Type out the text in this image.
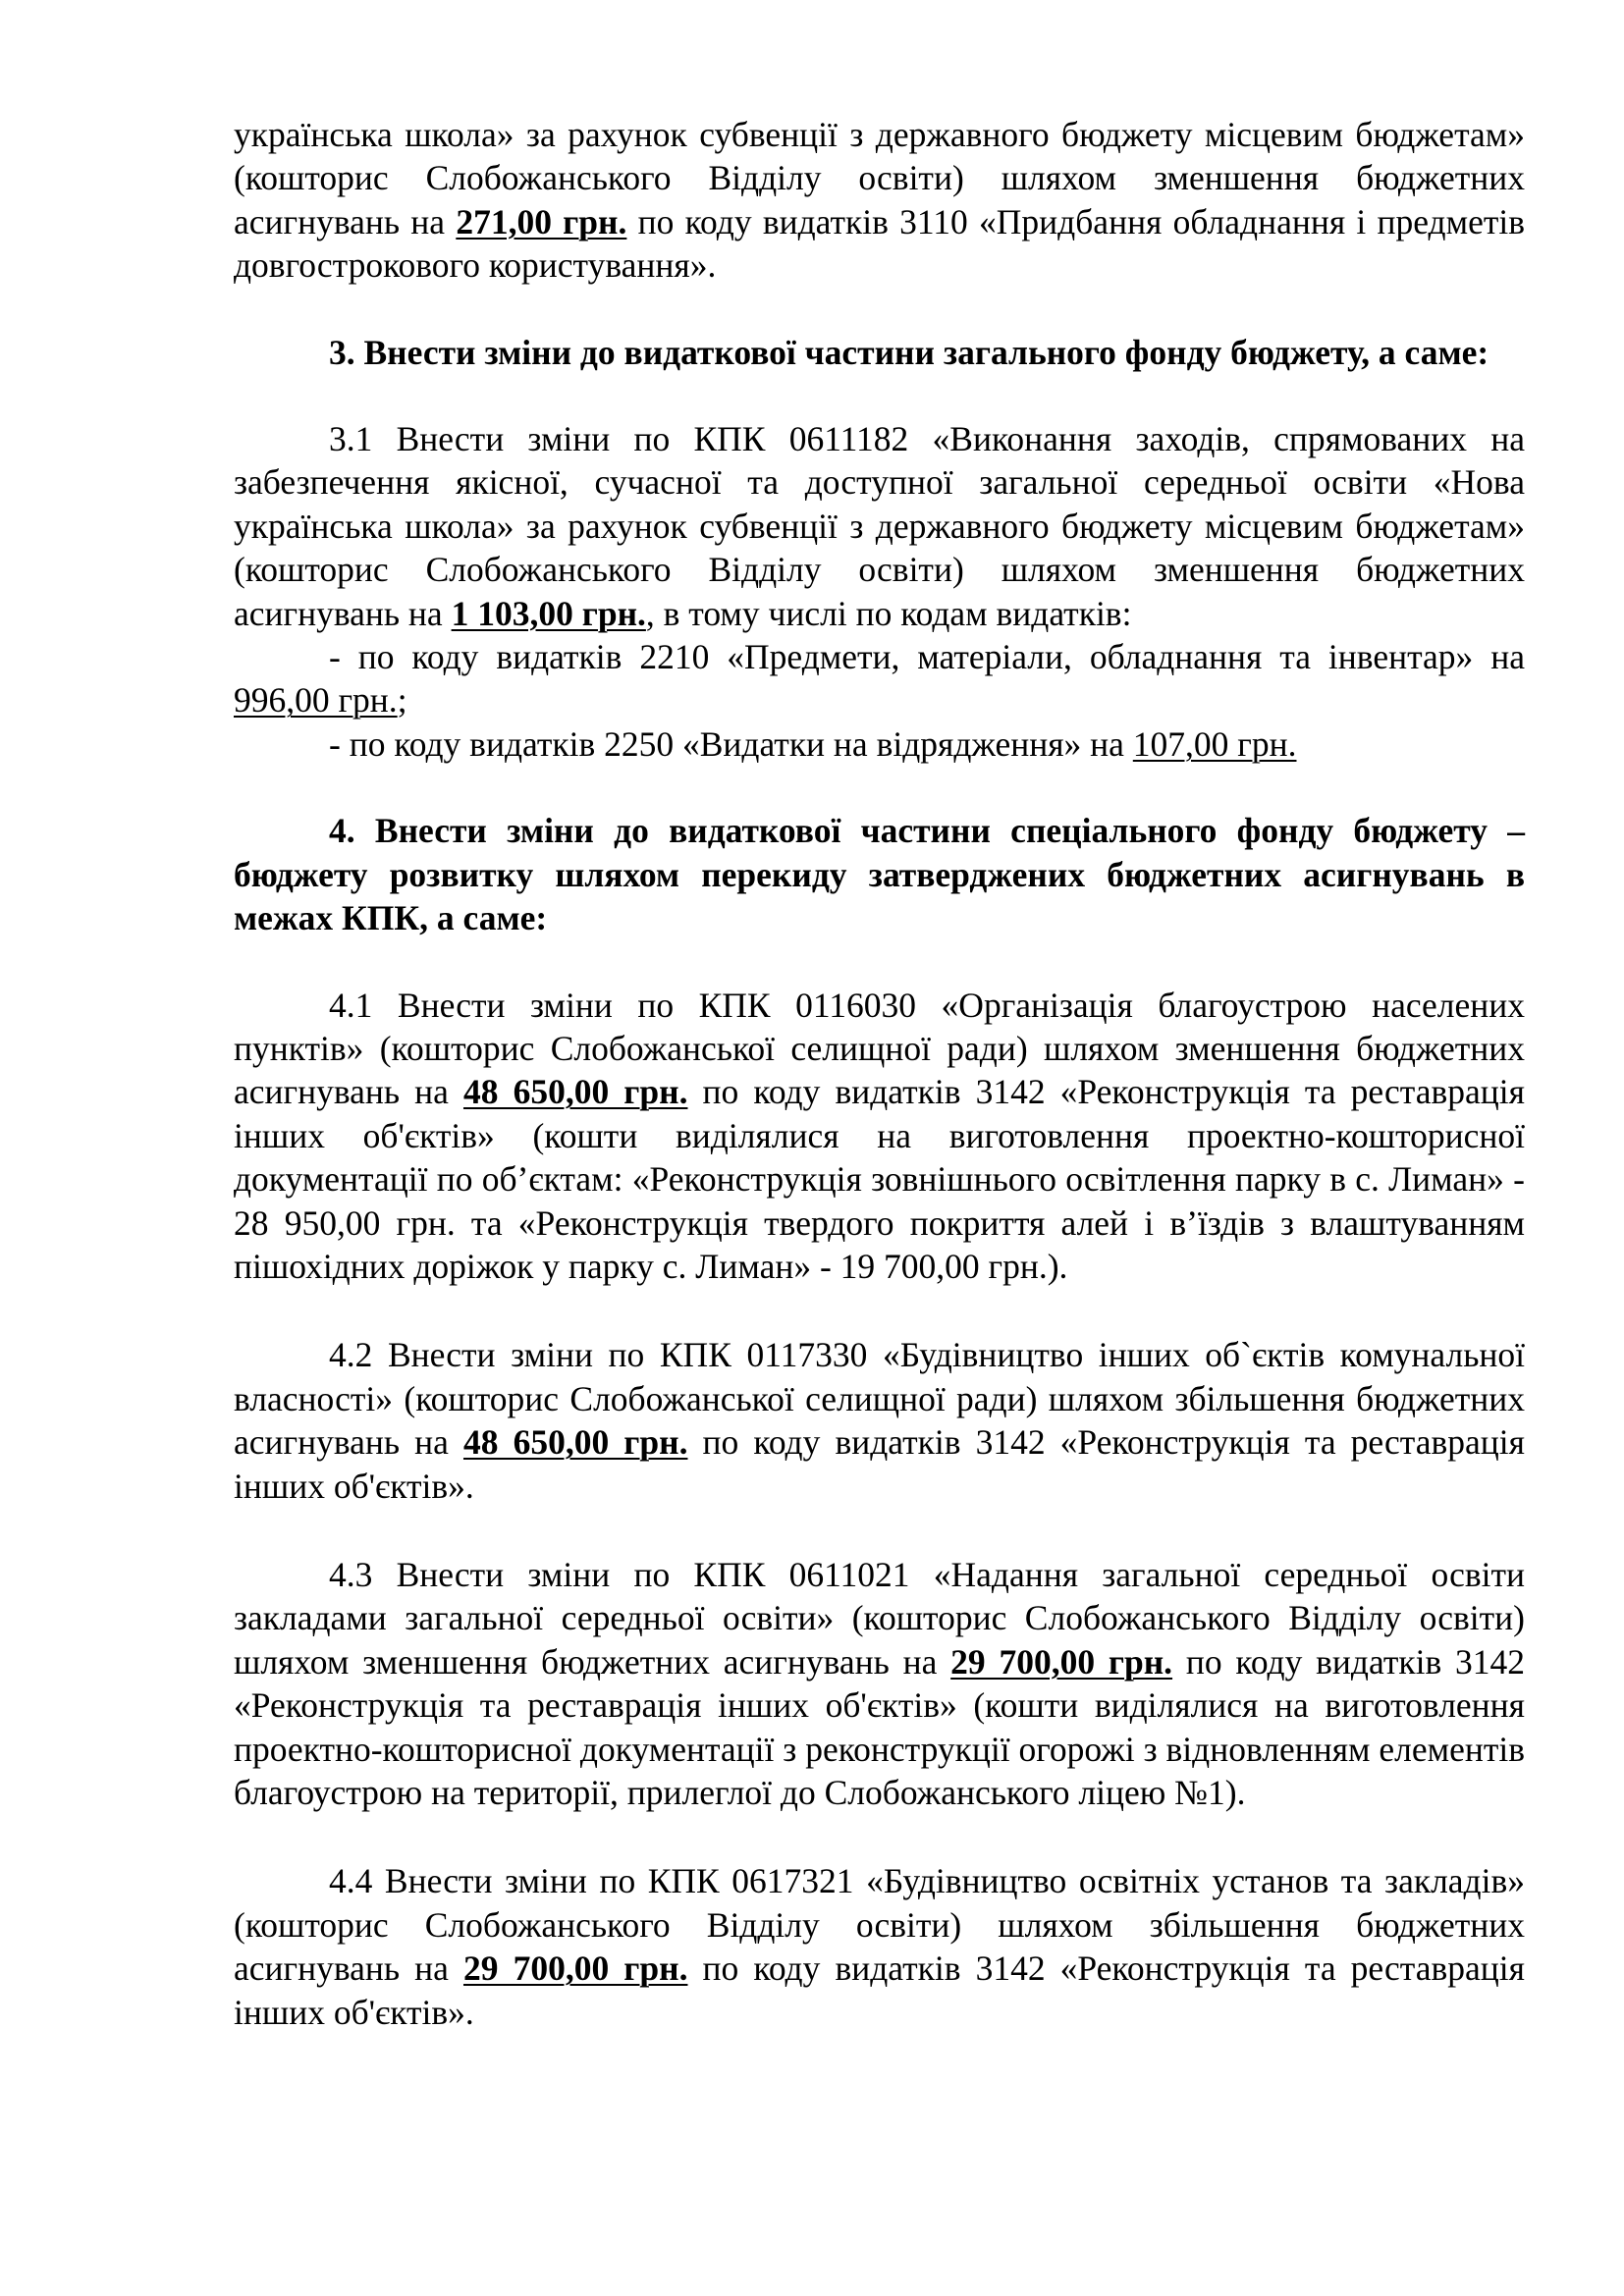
українська школа» за рахунок субвенції з державного бюджету місцевим бюджетам» (кошторис Слобожанського Відділу освіти) шляхом зменшення бюджетних асигнувань на 271,00 грн. по коду видатків 3110 «Придбання обладнання і предметів довгострокового користування».

3. Внести зміни до видаткової частини загального фонду бюджету, а саме:

3.1 Внести зміни по КПК 0611182 «Виконання заходів, спрямованих на забезпечення якісної, сучасної та доступної загальної середньої освіти «Нова українська школа» за рахунок субвенції з державного бюджету місцевим бюджетам» (кошторис Слобожанського Відділу освіти) шляхом зменшення бюджетних асигнувань на 1 103,00 грн., в тому числі по кодам видатків:

- по коду видатків 2210 «Предмети, матеріали, обладнання та інвентар» на 996,00 грн.;

- по коду видатків 2250 «Видатки на відрядження» на 107,00 грн.

4. Внести зміни до видаткової частини спеціального фонду бюджету – бюджету розвитку шляхом перекиду затверджених бюджетних асигнувань в межах КПК, а саме:

4.1 Внести зміни по КПК 0116030 «Організація благоустрою населених пунктів» (кошторис Слобожанської селищної ради) шляхом зменшення бюджетних асигнувань на 48 650,00 грн. по коду видатків 3142 «Реконструкція та реставрація інших об'єктів» (кошти виділялися на виготовлення проектно-кошторисної документації по об’єктам: «Реконструкція зовнішнього освітлення парку в с. Лиман» - 28 950,00 грн. та «Реконструкція твердого покриття алей і в’їздів з влаштуванням пішохідних доріжок у парку с. Лиман» - 19 700,00 грн.).

4.2 Внести зміни по КПК 0117330 «Будівництво інших об`єктів комунальної власності» (кошторис Слобожанської селищної ради) шляхом збільшення бюджетних асигнувань на 48 650,00 грн. по коду видатків 3142 «Реконструкція та реставрація інших об'єктів».

4.3 Внести зміни по КПК 0611021 «Надання загальної середньої освіти закладами загальної середньої освіти» (кошторис Слобожанського Відділу освіти) шляхом зменшення бюджетних асигнувань на 29 700,00 грн. по коду видатків 3142 «Реконструкція та реставрація інших об'єктів» (кошти виділялися на виготовлення проектно-кошторисної документації з реконструкції огорожі з відновленням елементів благоустрою на території, прилеглої до Слобожанського ліцею №1).

4.4 Внести зміни по КПК 0617321 «Будівництво освітніх установ та закладів» (кошторис Слобожанського Відділу освіти) шляхом збільшення бюджетних асигнувань на 29 700,00 грн. по коду видатків 3142 «Реконструкція та реставрація інших об'єктів».
